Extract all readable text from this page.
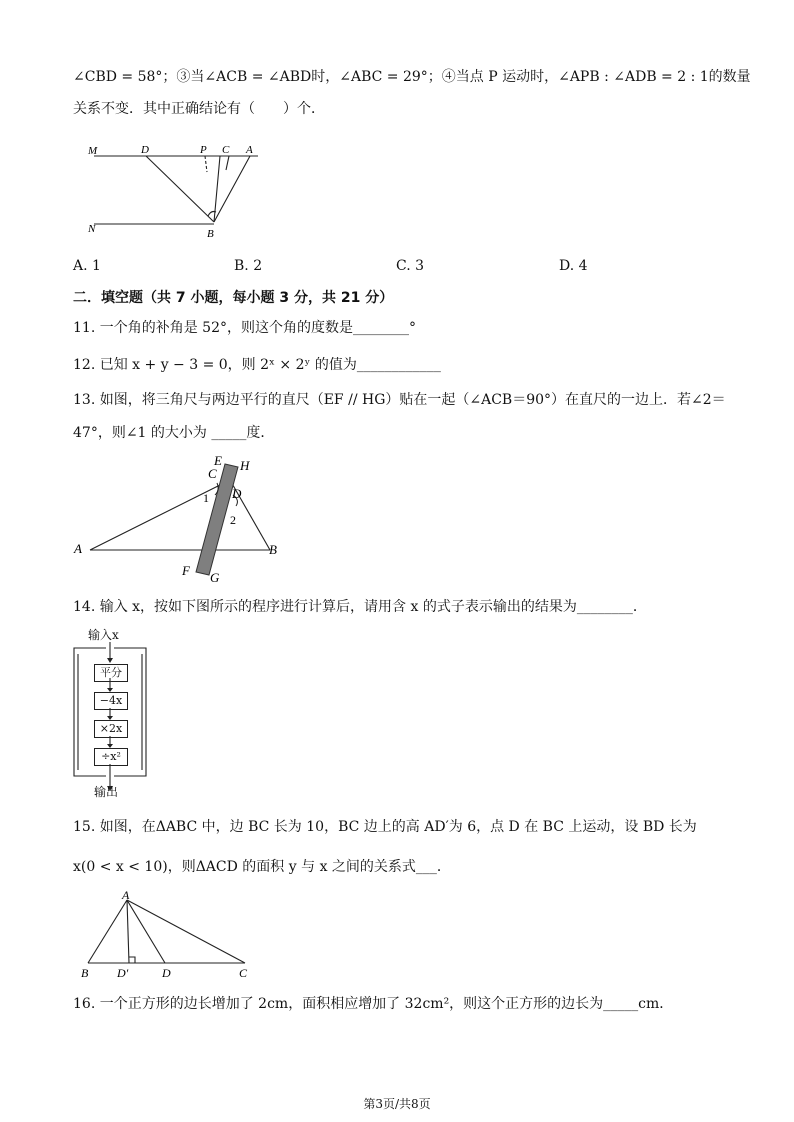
∠CBD = 58°；③当∠ACB = ∠ABD时，∠ABC = 29°；④当点 P 运动时，∠APB : ∠ADB = 2 : 1的数量
关系不变．其中正确结论有（　　）个．
M	D	P C A
N	B
A. 1	B. 2	C. 3	D. 4
二．填空题（共 7 小题，每小题 3 分，共 21 分）
11. 一个角的补角是 52°，则这个角的度数是________°
12. 已知 x + y − 3 = 0，则 2ˣ × 2ʸ 的值为____________
13. 如图，将三角尺与两边平行的直尺（EF // HG）贴在一起（∠ACB＝90°）在直尺的一边上．若∠2＝
47°，则∠1 的大小为 _____度．
E H
C
D
1
2
A	B
F G
14. 输入 x，按如下图所示的程序进行计算后，请用含 x 的式子表示输出的结果为________．
输入x
平分
−4x
×2x
÷x²
输出
15. 如图，在ΔABC 中，边 BC 长为 10，BC 边上的高 AD′为 6，点 D 在 BC 上运动，设 BD 长为
x(0 < x < 10)，则ΔACD 的面积 y 与 x 之间的关系式___．
A
B D′	D	C
16. 一个正方形的边长增加了 2cm，面积相应增加了 32cm²，则这个正方形的边长为_____cm．
第3页/共8页
